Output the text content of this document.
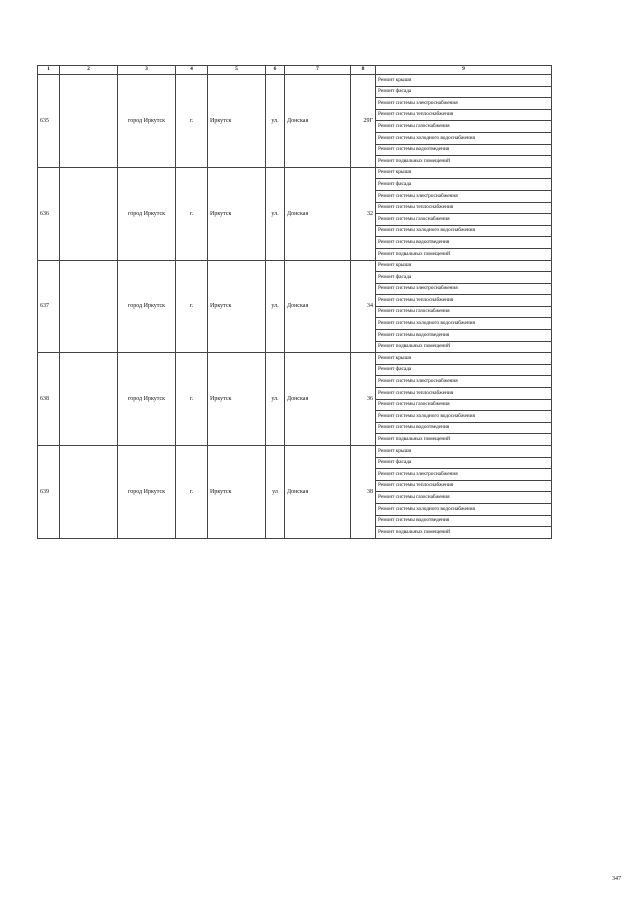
1	2	3	4	5	6	7	8	9
635		город Иркутск	г.	Иркутск	ул.	Донская	29Г	Ремонт крыши
								Ремонт фасада
								Ремонт системы электроснабжения
								Ремонт системы теплоснабжения
								Ремонт системы газоснабжения
								Ремонт системы холодного водоснабжения
								Ремонт системы водоотведения
								Ремонт подвальных помещений
636		город Иркутск	г.	Иркутск	ул.	Донская	32	Ремонт крыши
								Ремонт фасада
								Ремонт системы электроснабжения
								Ремонт системы теплоснабжения
								Ремонт системы газоснабжения
								Ремонт системы холодного водоснабжения
								Ремонт системы водоотведения
								Ремонт подвальных помещений
637		город Иркутск	г.	Иркутск	ул.	Донская	34	Ремонт крыши
								Ремонт фасада
								Ремонт системы электроснабжения
								Ремонт системы теплоснабжения
								Ремонт системы газоснабжения
								Ремонт системы холодного водоснабжения
								Ремонт системы водоотведения
								Ремонт подвальных помещений
638		город Иркутск	г.	Иркутск	ул.	Донская	36	Ремонт крыши
								Ремонт фасада
								Ремонт системы электроснабжения
								Ремонт системы теплоснабжения
								Ремонт системы газоснабжения
								Ремонт системы холодного водоснабжения
								Ремонт системы водоотведения
								Ремонт подвальных помещений
639		город Иркутск	г.	Иркутск	ул	Донская	38	Ремонт крыши
								Ремонт фасада
								Ремонт системы электроснабжения
								Ремонт системы теплоснабжения
								Ремонт системы газоснабжения
								Ремонт системы холодного водоснабжения
								Ремонт системы водоотведения
								Ремонт подвальных помещений
347
